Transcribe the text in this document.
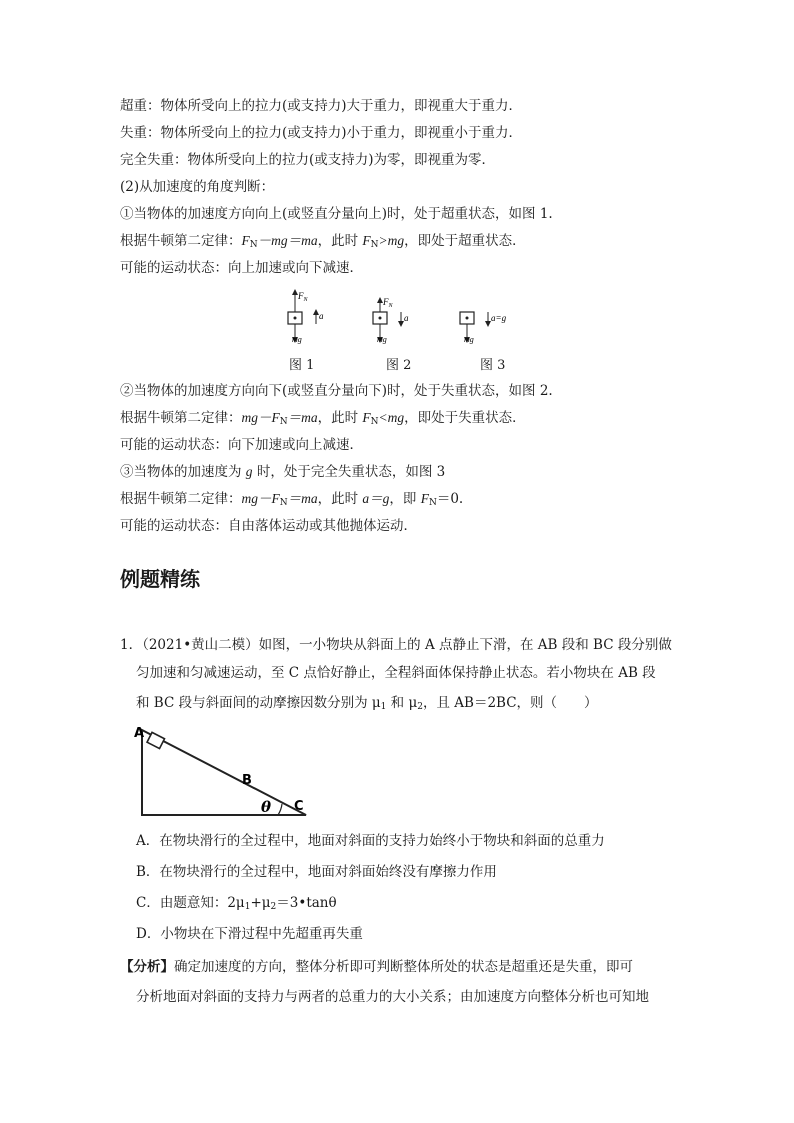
超重：物体所受向上的拉力(或支持力)大于重力，即视重大于重力．
失重：物体所受向上的拉力(或支持力)小于重力，即视重小于重力．
完全失重：物体所受向上的拉力(或支持力)为零，即视重为零．
(2)从加速度的角度判断：
①当物体的加速度方向向上(或竖直分量向上)时，处于超重状态，如图 1.
根据牛顿第二定律：$F_N-mg=ma$，此时 $F_N>mg$，即处于超重状态．
可能的运动状态：向上加速或向下减速．
$F_N$
a
mg
$F_N$
a
mg
a=g
mg
图 1	图 2	图 3
②当物体的加速度方向向下(或竖直分量向下)时，处于失重状态，如图 2.
根据牛顿第二定律：$mg-F_N=ma$，此时 $F_N<mg$，即处于失重状态．
可能的运动状态：向下加速或向上减速．
③当物体的加速度为 g 时，处于完全失重状态，如图 3
根据牛顿第二定律：$mg-F_N=ma$，此时 a＝g，即 $F_N=0$.
可能的运动状态：自由落体运动或其他抛体运动．
例题精练
1．（2021•黄山二模）如图，一小物块从斜面上的 A 点静止下滑，在 AB 段和 BC 段分别做
匀加速和匀减速运动，至 C 点恰好静止，全程斜面体保持静止状态。若小物块在 AB 段
和 BC 段与斜面间的动摩擦因数分别为 $\mu_1$ 和 $\mu_2$，且 AB＝2BC，则（　　）
A
B
C
θ
A．在物块滑行的全过程中，地面对斜面的支持力始终小于物块和斜面的总重力
B．在物块滑行的全过程中，地面对斜面始终没有摩擦力作用
C．由题意知：$2\mu_1+\mu_2=3•\tan\theta$
D．小物块在下滑过程中先超重再失重
【分析】确定加速度的方向，整体分析即可判断整体所处的状态是超重还是失重，即可
分析地面对斜面的支持力与两者的总重力的大小关系；由加速度方向整体分析也可知地
